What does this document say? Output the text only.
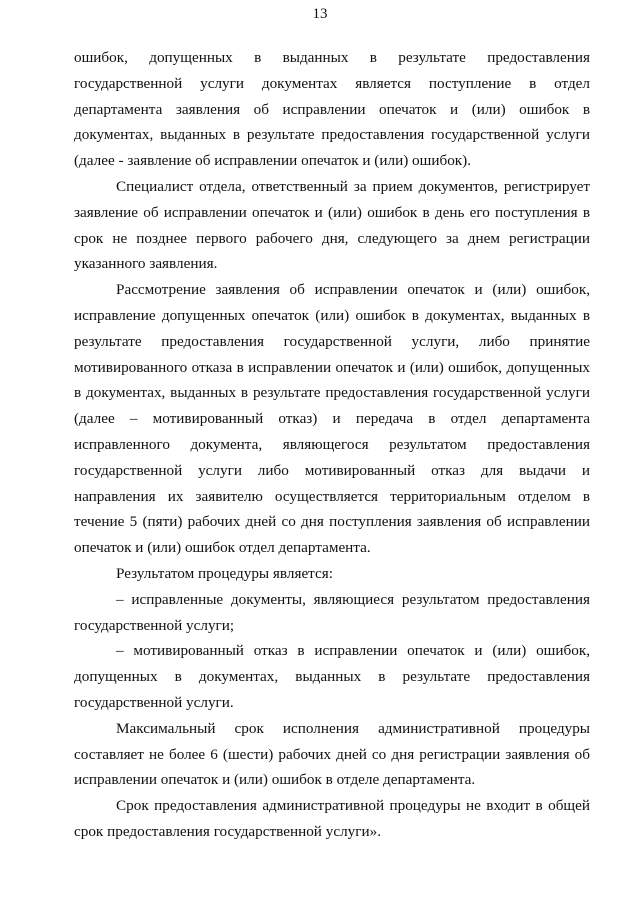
13

ошибок, допущенных в выданных в результате предоставления государственной услуги документах является поступление в отдел департамента заявления об исправлении опечаток и (или) ошибок в документах, выданных в результате предоставления государственной услуги (далее - заявление об исправлении опечаток и (или) ошибок).

Специалист отдела, ответственный за прием документов, регистрирует заявление об исправлении опечаток и (или) ошибок в день его поступления в срок не позднее первого рабочего дня, следующего за днем регистрации указанного заявления.

Рассмотрение заявления об исправлении опечаток и (или) ошибок, исправление допущенных опечаток (или) ошибок в документах, выданных в результате предоставления государственной услуги, либо принятие мотивированного отказа в исправлении опечаток и (или) ошибок, допущенных в документах, выданных в результате предоставления государственной услуги (далее – мотивированный отказ) и передача в отдел департамента исправленного документа, являющегося результатом предоставления государственной услуги либо мотивированный отказ для выдачи и направления их заявителю осуществляется территориальным отделом в течение 5 (пяти) рабочих дней со дня поступления заявления об исправлении опечаток и (или) ошибок отдел департамента.

Результатом процедуры является:

– исправленные документы, являющиеся результатом предоставления государственной услуги;

– мотивированный отказ в исправлении опечаток и (или) ошибок, допущенных в документах, выданных в результате предоставления государственной услуги.

Максимальный срок исполнения административной процедуры составляет не более 6 (шести) рабочих дней со дня регистрации заявления об исправлении опечаток и (или) ошибок в отделе департамента.

Срок предоставления административной процедуры не входит в общей срок предоставления государственной услуги».
